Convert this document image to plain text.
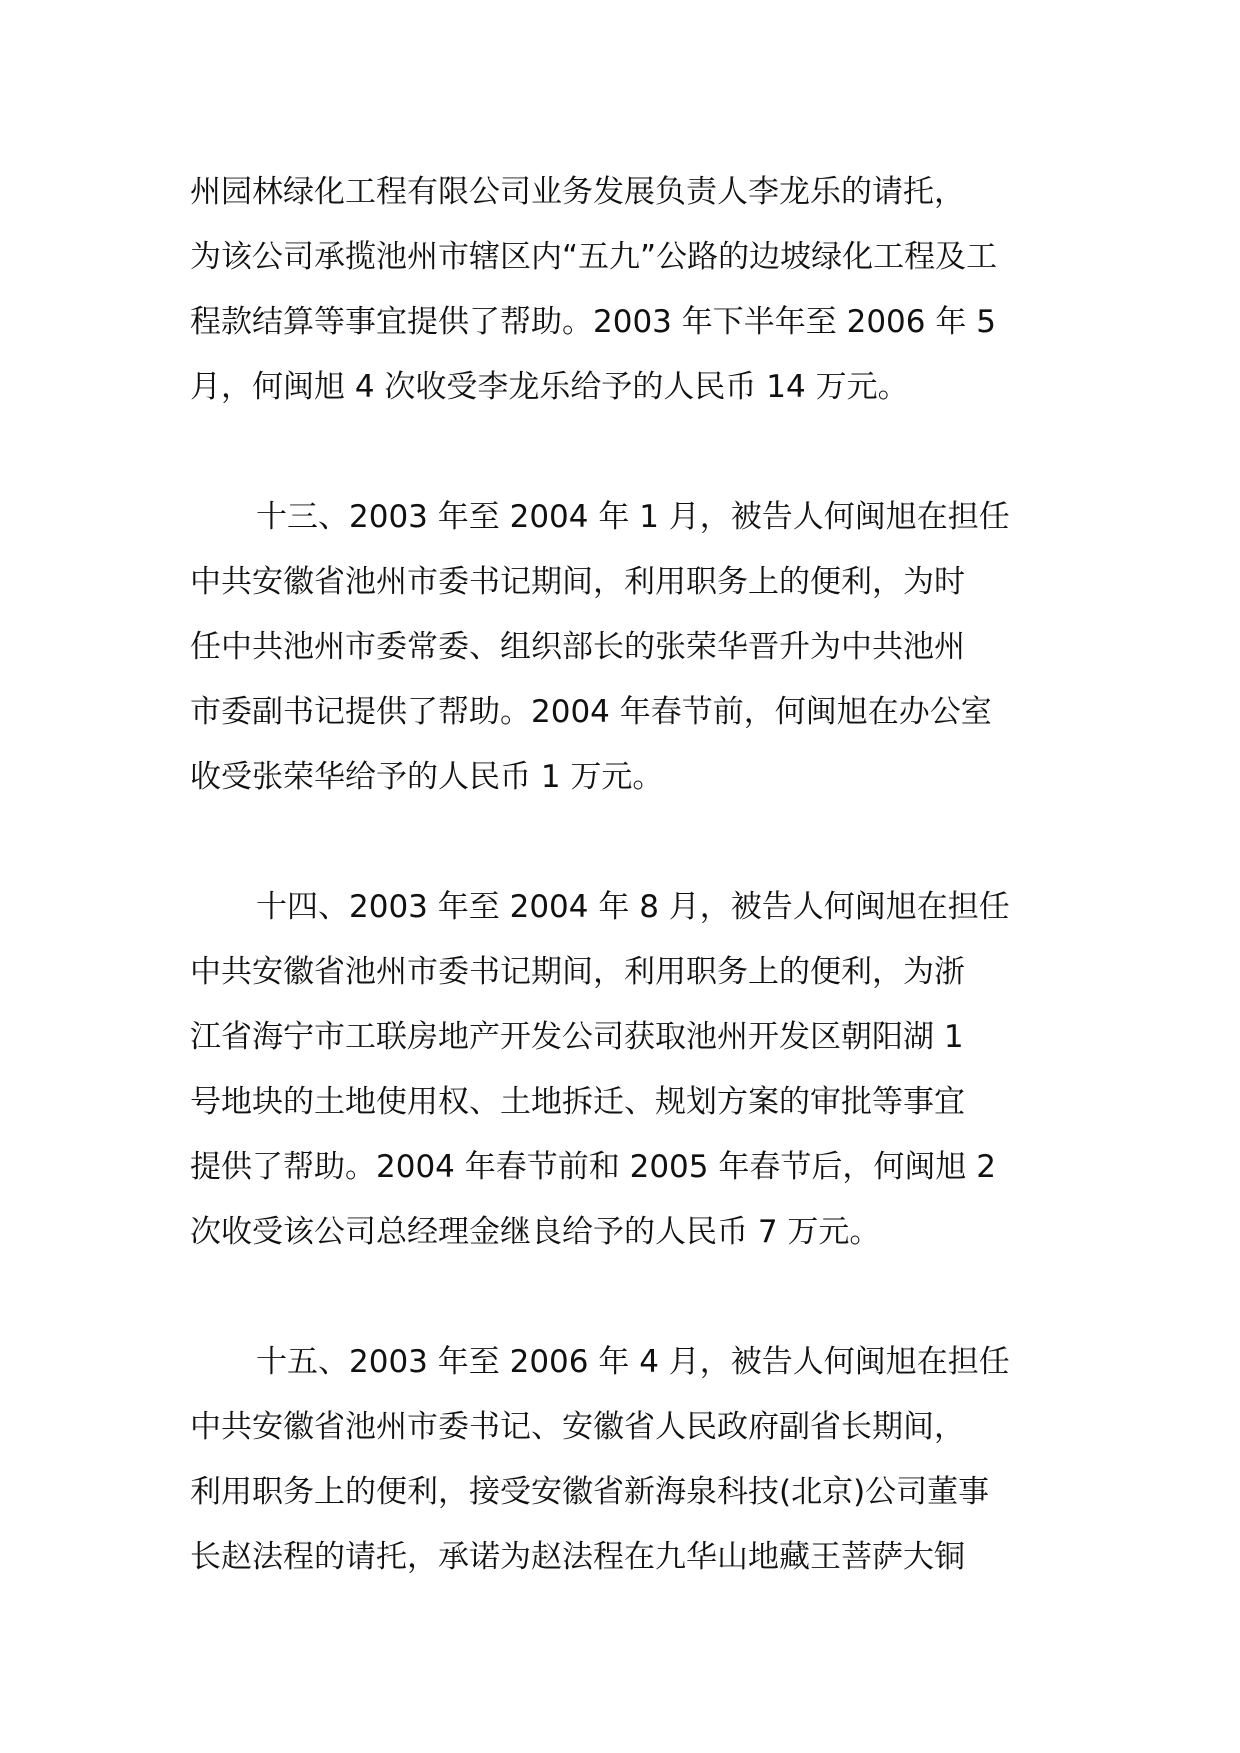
州园林绿化工程有限公司业务发展负责人李龙乐的请托，
为该公司承揽池州市辖区内“五九”公路的边坡绿化工程及工
程款结算等事宜提供了帮助。2003 年下半年至 2006 年 5
月，何闽旭 4 次收受李龙乐给予的人民币 14 万元。

十三、2003 年至 2004 年 1 月，被告人何闽旭在担任
中共安徽省池州市委书记期间，利用职务上的便利，为时
任中共池州市委常委、组织部长的张荣华晋升为中共池州
市委副书记提供了帮助。2004 年春节前，何闽旭在办公室
收受张荣华给予的人民币 1 万元。

十四、2003 年至 2004 年 8 月，被告人何闽旭在担任
中共安徽省池州市委书记期间，利用职务上的便利，为浙
江省海宁市工联房地产开发公司获取池州开发区朝阳湖 1
号地块的土地使用权、土地拆迁、规划方案的审批等事宜
提供了帮助。2004 年春节前和 2005 年春节后，何闽旭 2
次收受该公司总经理金继良给予的人民币 7 万元。

十五、2003 年至 2006 年 4 月，被告人何闽旭在担任
中共安徽省池州市委书记、安徽省人民政府副省长期间，
利用职务上的便利，接受安徽省新海泉科技(北京)公司董事
长赵法程的请托，承诺为赵法程在九华山地藏王菩萨大铜
